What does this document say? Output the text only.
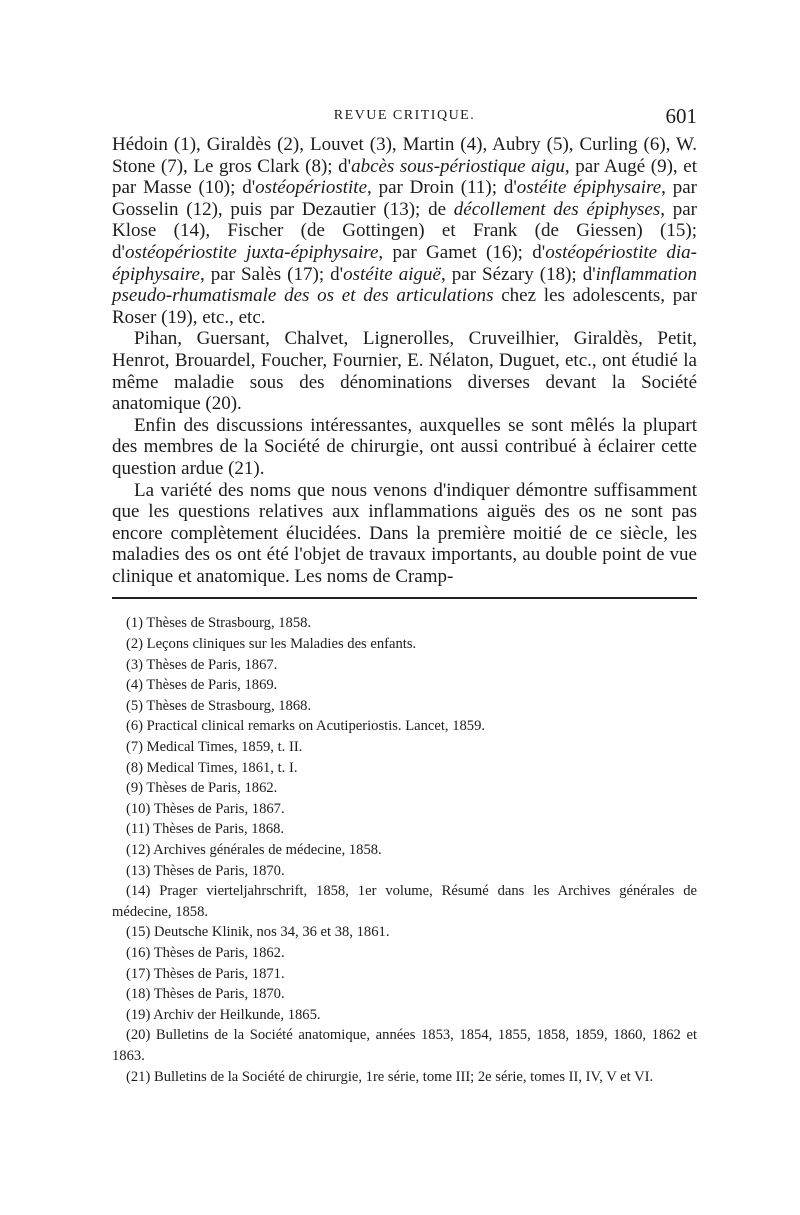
REVUE CRITIQUE.	601

Hédoin (1), Giraldès (2), Louvet (3), Martin (4), Aubry (5), Curling (6), W. Stone (7), Le gros Clark (8); d'abcès sous-périostique aigu, par Augé (9), et par Masse (10); d'ostéopériostite, par Droin (11); d'ostéite épiphysaire, par Gosselin (12), puis par Dezautier (13); de décollement des épiphyses, par Klose (14), Fischer (de Gottingen) et Frank (de Giessen) (15); d'ostéopériostite juxta-épiphysaire, par Gamet (16); d'ostéopériostite dia-épiphysaire, par Salès (17); d'ostéite aiguë, par Sézary (18); d'inflammation pseudo-rhumatismale des os et des articulations chez les adolescents, par Roser (19), etc., etc.

Pihan, Guersant, Chalvet, Lignerolles, Cruveilhier, Giraldès, Petit, Henrot, Brouardel, Foucher, Fournier, E. Nélaton, Duguet, etc., ont étudié la même maladie sous des dénominations diverses devant la Société anatomique (20).

Enfin des discussions intéressantes, auxquelles se sont mêlés la plupart des membres de la Société de chirurgie, ont aussi contribué à éclairer cette question ardue (21).

La variété des noms que nous venons d'indiquer démontre suffisamment que les questions relatives aux inflammations aiguës des os ne sont pas encore complètement élucidées. Dans la première moitié de ce siècle, les maladies des os ont été l'objet de travaux importants, au double point de vue clinique et anatomique. Les noms de Cramp-

(1) Thèses de Strasbourg, 1858.

(2) Leçons cliniques sur les Maladies des enfants.

(3) Thèses de Paris, 1867.

(4) Thèses de Paris, 1869.

(5) Thèses de Strasbourg, 1868.

(6) Practical clinical remarks on Acutiperiostis. Lancet, 1859.

(7) Medical Times, 1859, t. II.

(8) Medical Times, 1861, t. I.

(9) Thèses de Paris, 1862.

(10) Thèses de Paris, 1867.

(11) Thèses de Paris, 1868.

(12) Archives générales de médecine, 1858.

(13) Thèses de Paris, 1870.

(14) Prager vierteljahrschrift, 1858, 1er volume, Résumé dans les Archives générales de médecine, 1858.

(15) Deutsche Klinik, nos 34, 36 et 38, 1861.

(16) Thèses de Paris, 1862.

(17) Thèses de Paris, 1871.

(18) Thèses de Paris, 1870.

(19) Archiv der Heilkunde, 1865.

(20) Bulletins de la Société anatomique, années 1853, 1854, 1855, 1858, 1859, 1860, 1862 et 1863.

(21) Bulletins de la Société de chirurgie, 1re série, tome III; 2e série, tomes II, IV, V et VI.
